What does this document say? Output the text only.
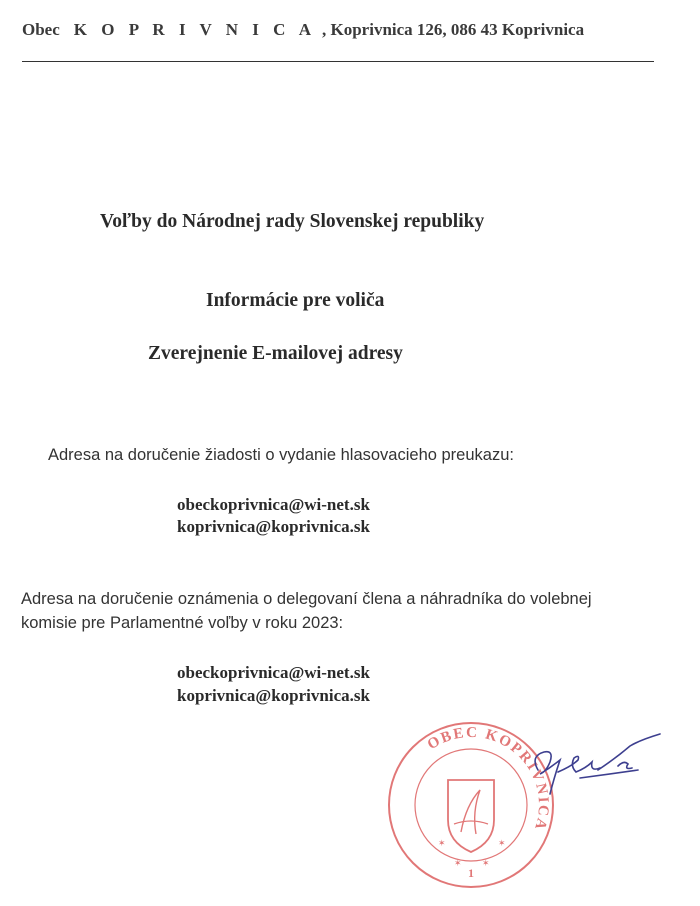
Obec K O P R I V N I C A , Koprivnica 126, 086 43 Koprivnica
Voľby do Národnej rady Slovenskej republiky
Informácie pre voliča
Zverejnenie E-mailovej adresy
Adresa na doručenie žiadosti o vydanie hlasovacieho preukazu:
obeckoprivnica@wi-net.sk
koprivnica@koprivnica.sk
Adresa na doručenie oznámenia o delegovaní člena a náhradníka do volebnej
komisie pre Parlamentné voľby v roku 2023:
obeckoprivnica@wi-net.sk
koprivnica@koprivnica.sk
✶	✶
✶ ✶
OBEC KOPRIVNICA
1
